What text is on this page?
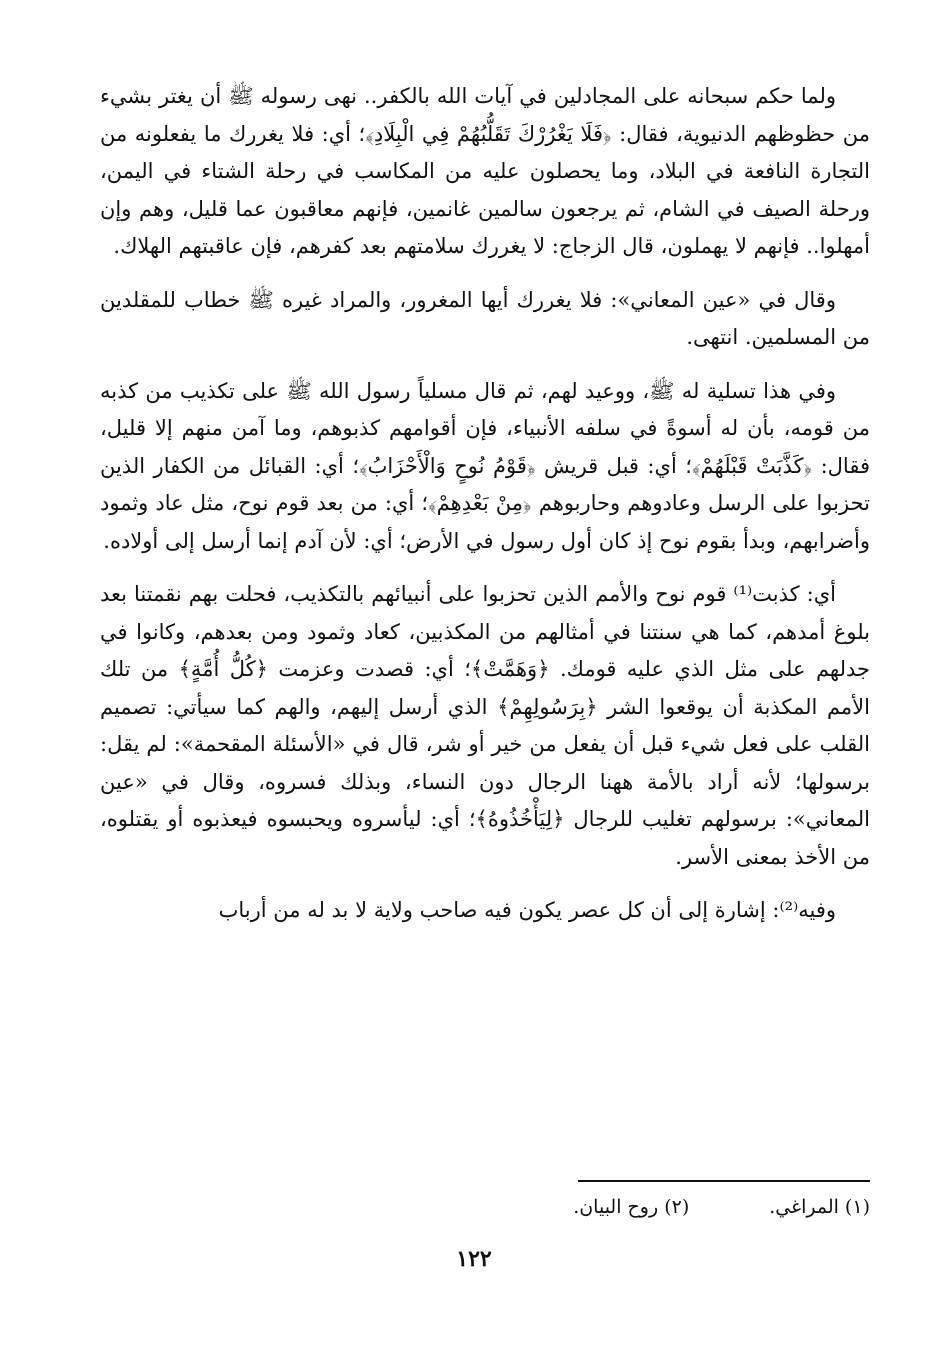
ولما حكم سبحانه على المجادلين في آيات الله بالكفر.. نهى رسوله ﷺ أن يغتر بشيء من حظوظهم الدنيوية، فقال: ﴿فَلَا يَغْرُرْكَ تَقَلُّبُهُمْ فِي الْبِلَادِ﴾؛ أي: فلا يغررك ما يفعلونه من التجارة النافعة في البلاد، وما يحصلون عليه من المكاسب في رحلة الشتاء في اليمن، ورحلة الصيف في الشام، ثم يرجعون سالمين غانمين، فإنهم معاقبون عما قليل، وهم وإن أمهلوا.. فإنهم لا يهملون، قال الزجاج: لا يغررك سلامتهم بعد كفرهم، فإن عاقبتهم الهلاك.

وقال في «عين المعاني»: فلا يغررك أيها المغرور، والمراد غيره ﷺ خطاب للمقلدين من المسلمين. انتهى.

وفي هذا تسلية له ﷺ، ووعيد لهم، ثم قال مسلياً رسول الله ﷺ على تكذيب من كذبه من قومه، بأن له أسوةً في سلفه الأنبياء، فإن أقوامهم كذبوهم، وما آمن منهم إلا قليل، فقال: ﴿كَذَّبَتْ قَبْلَهُمْ﴾؛ أي: قبل قريش ﴿قَوْمُ نُوحٍ وَالْأَحْزَابُ﴾؛ أي: القبائل من الكفار الذين تحزبوا على الرسل وعادوهم وحاربوهم ﴿مِنْ بَعْدِهِمْ﴾؛ أي: من بعد قوم نوح، مثل عاد وثمود وأضرابهم، وبدأ بقوم نوح إذ كان أول رسول في الأرض؛ أي: لأن آدم إنما أرسل إلى أولاده.

أي: كذبت⁽¹⁾ قوم نوح والأمم الذين تحزبوا على أنبيائهم بالتكذيب، فحلت بهم نقمتنا بعد بلوغ أمدهم، كما هي سنتنا في أمثالهم من المكذبين، كعاد وثمود ومن بعدهم، وكانوا في جدلهم على مثل الذي عليه قومك. ﴿وَهَمَّتْ﴾؛ أي: قصدت وعزمت ﴿كُلُّ أُمَّةٍ﴾ من تلك الأمم المكذبة أن يوقعوا الشر ﴿بِرَسُولِهِمْ﴾ الذي أرسل إليهم، والهم كما سيأتي: تصميم القلب على فعل شيء قبل أن يفعل من خير أو شر، قال في «الأسئلة المقحمة»: لم يقل: برسولها؛ لأنه أراد بالأمة ههنا الرجال دون النساء، وبذلك فسروه، وقال في «عين المعاني»: برسولهم تغليب للرجال ﴿لِيَأْخُذُوهُ﴾؛ أي: ليأسروه ويحبسوه فيعذبوه أو يقتلوه، من الأخذ بمعنى الأسر.

وفيه⁽²⁾: إشارة إلى أن كل عصر يكون فيه صاحب ولاية لا بد له من أرباب

(١) المراغي.
(٢) روح البيان.
١٢٢
